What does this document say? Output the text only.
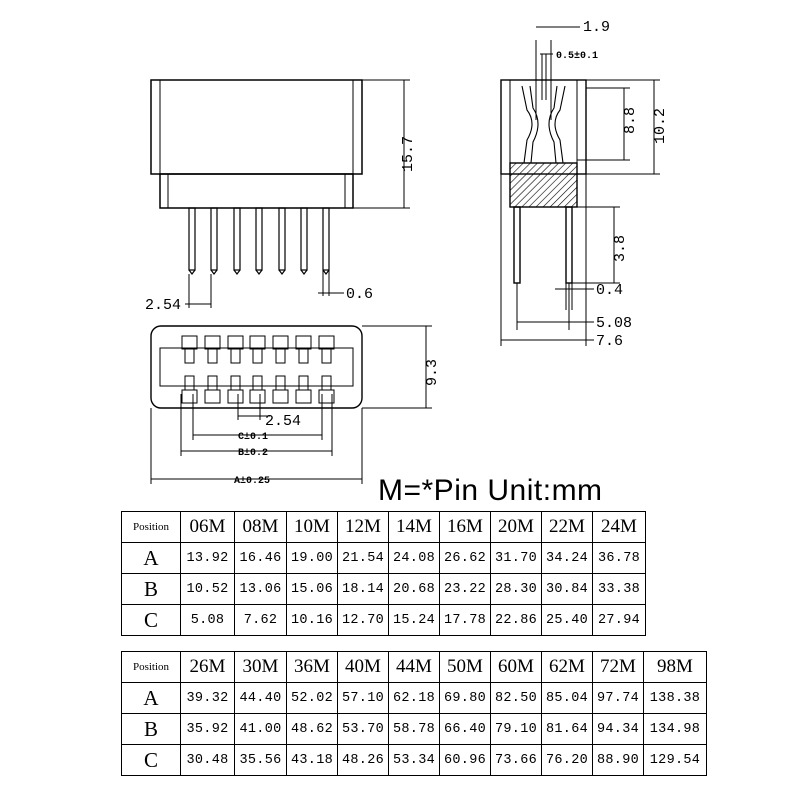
2.54
0.6
15.7
1.9
0.5±0.1
8.8 10.2
3.8
0.4
5.08
7.6
9.3
2.54
C±0.1
B±0.2
A±0.25	M=*Pin Unit:mm
Position	06M	08M	10M	12M	14M	16M	20M	22M	24M
A	13.92	16.46	19.00	21.54	24.08	26.62	31.70	34.24	36.78
B	10.52	13.06	15.06	18.14	20.68	23.22	28.30	30.84	33.38
C	5.08	7.62	10.16	12.70	15.24	17.78	22.86	25.40	27.94
Position	26M	30M	36M	40M	44M	50M	60M	62M	72M	98M
A	39.32	44.40	52.02	57.10	62.18	69.80	82.50	85.04	97.74	138.38
B	35.92	41.00	48.62	53.70	58.78	66.40	79.10	81.64	94.34	134.98
C	30.48	35.56	43.18	48.26	53.34	60.96	73.66	76.20	88.90	129.54
